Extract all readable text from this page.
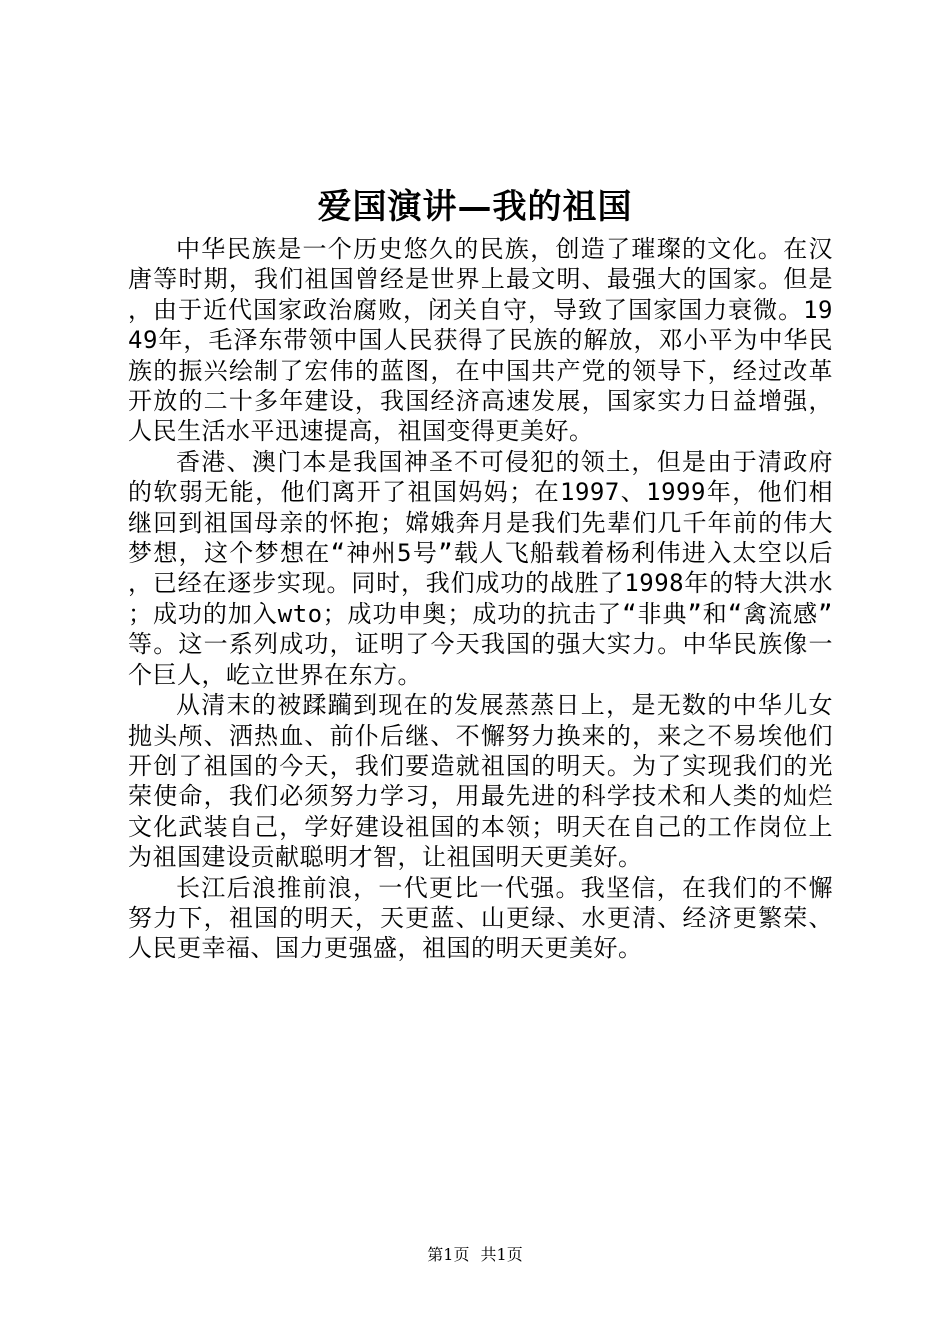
爱国演讲—我的祖国

中华民族是一个历史悠久的民族，创造了璀璨的文化。在汉唐等时期，我们祖国曾经是世界上最文明、最强大的国家。但是，由于近代国家政治腐败，闭关自守，导致了国家国力衰微。1949年，毛泽东带领中国人民获得了民族的解放，邓小平为中华民族的振兴绘制了宏伟的蓝图，在中国共产党的领导下，经过改革开放的二十多年建设，我国经济高速发展，国家实力日益增强，人民生活水平迅速提高，祖国变得更美好。

香港、澳门本是我国神圣不可侵犯的领土，但是由于清政府的软弱无能，他们离开了祖国妈妈；在1997、1999年，他们相继回到祖国母亲的怀抱；嫦娥奔月是我们先辈们几千年前的伟大梦想，这个梦想在“神州5号”载人飞船载着杨利伟进入太空以后，已经在逐步实现。同时，我们成功的战胜了1998年的特大洪水；成功的加入wto；成功申奥；成功的抗击了“非典”和“禽流感”等。这一系列成功，证明了今天我国的强大实力。中华民族像一个巨人，屹立世界在东方。

从清末的被蹂躏到现在的发展蒸蒸日上，是无数的中华儿女抛头颅、洒热血、前仆后继、不懈努力换来的，来之不易埃他们开创了祖国的今天，我们要造就祖国的明天。为了实现我们的光荣使命，我们必须努力学习，用最先进的科学技术和人类的灿烂文化武装自己，学好建设祖国的本领；明天在自己的工作岗位上为祖国建设贡献聪明才智，让祖国明天更美好。

长江后浪推前浪，一代更比一代强。我坚信，在我们的不懈努力下，祖国的明天，天更蓝、山更绿、水更清、经济更繁荣、人民更幸福、国力更强盛，祖国的明天更美好。

第1页 共1页
